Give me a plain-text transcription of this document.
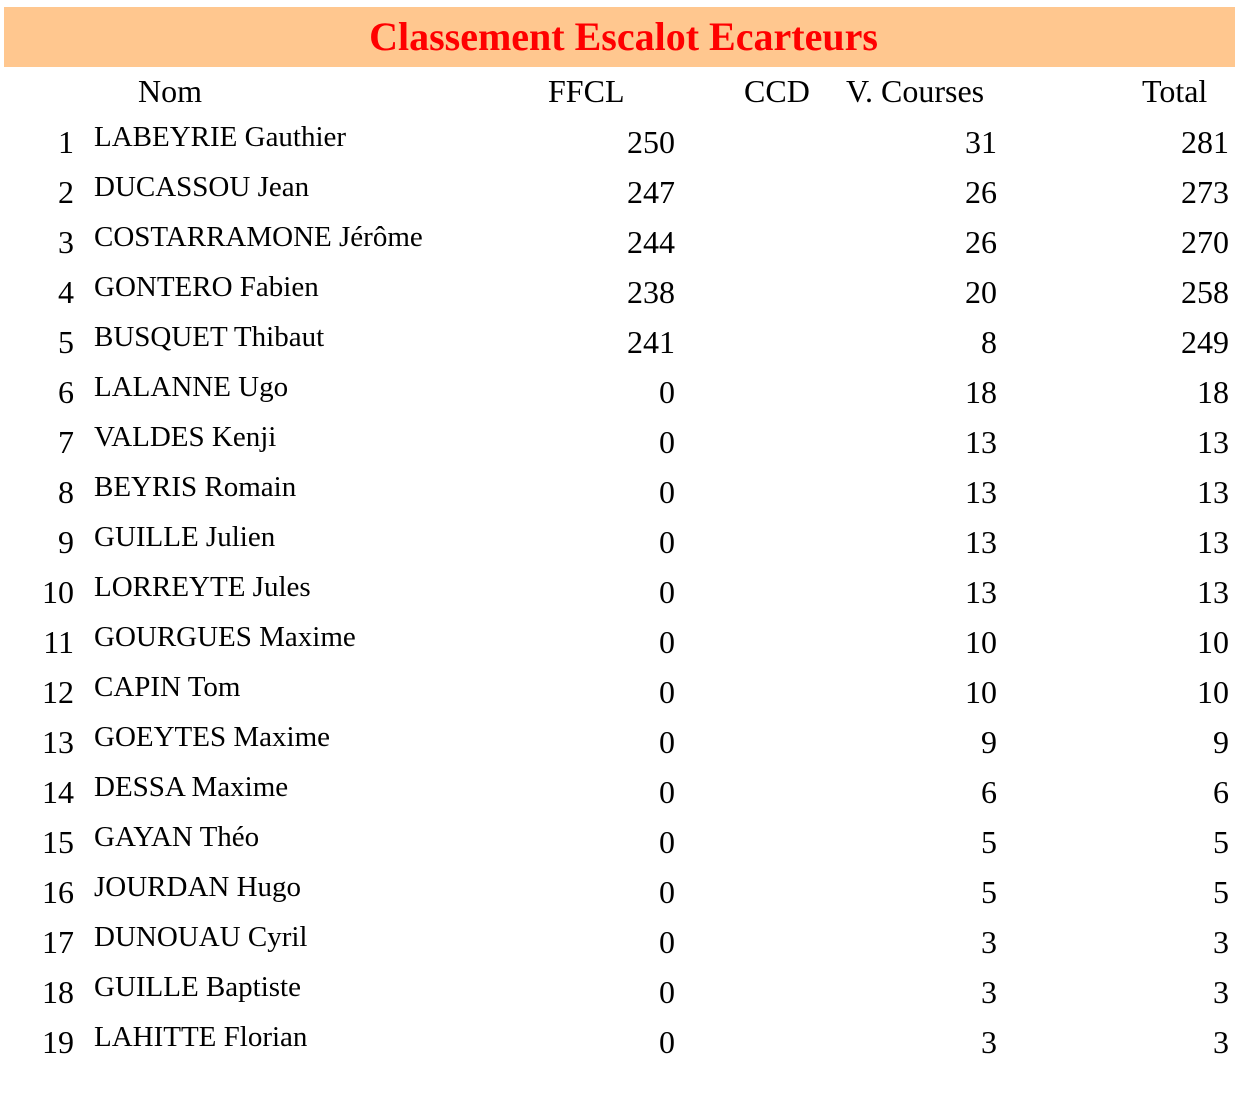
Classement Escalot Ecarteurs
Nom	FFCL	CCD V. Courses	Total
1 LABEYRIE Gauthier	250	31	281
2 DUCASSOU Jean	247	26	273
3 COSTARRAMONE Jérôme	244	26	270
4 GONTERO Fabien	238	20	258
5 BUSQUET Thibaut	241	8	249
6 LALANNE Ugo	0	18	18
7 VALDES Kenji	0	13	13
8 BEYRIS Romain	0	13	13
9 GUILLE Julien	0	13	13
10 LORREYTE Jules	0	13	13
11 GOURGUES Maxime	0	10	10
12 CAPIN Tom	0	10	10
13 GOEYTES Maxime	0	9	9
14 DESSA Maxime	0	6	6
15 GAYAN Théo	0	5	5
16 JOURDAN Hugo	0	5	5
17 DUNOUAU Cyril	0	3	3
18 GUILLE Baptiste	0	3	3
19 LAHITTE Florian	0	3	3
